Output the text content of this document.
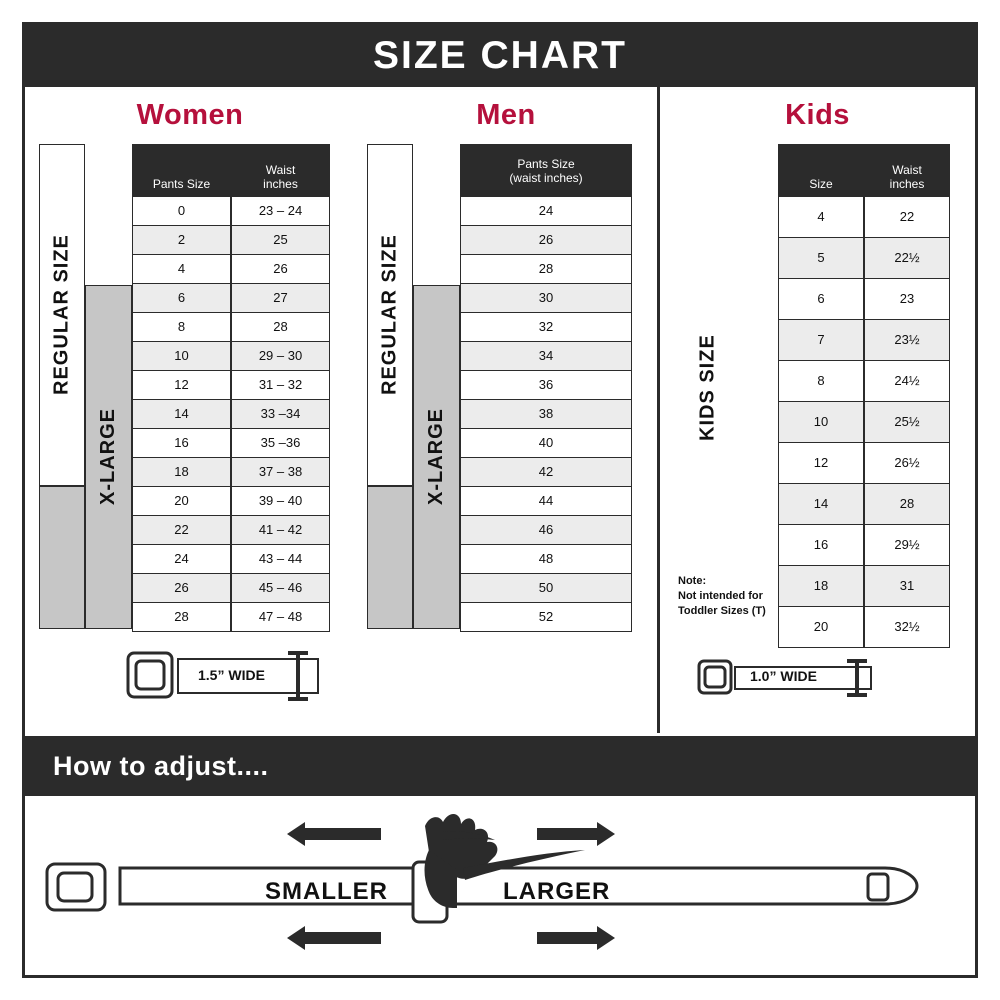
SIZE CHART
Women
REGULAR SIZE
X-LARGE
Pants Size
Waist
inches
0	23 – 24
2	25
4	26
6	27
8	28
10	29 – 30
12	31 – 32
14	33 –34
16	35 –36
18	37 – 38
20	39 – 40
22	41 – 42
24	43 – 44
26	45 – 46
28	47 – 48
1.5” WIDE
Men
REGULAR SIZE
X-LARGE
Pants Size
(waist inches)
24
26
28
30
32
34
36
38
40
42
44
46
48
50
52
Kids
KIDS SIZE
Note:
Not intended for
Toddler Sizes (T)
Size
Waist
inches
4	22
5	22½
6	23
7	23½
8	24½
10	25½
12	26½
14	28
16	29½
18	31
20	32½
1.0” WIDE
How to adjust....
SMALLER	LARGER
